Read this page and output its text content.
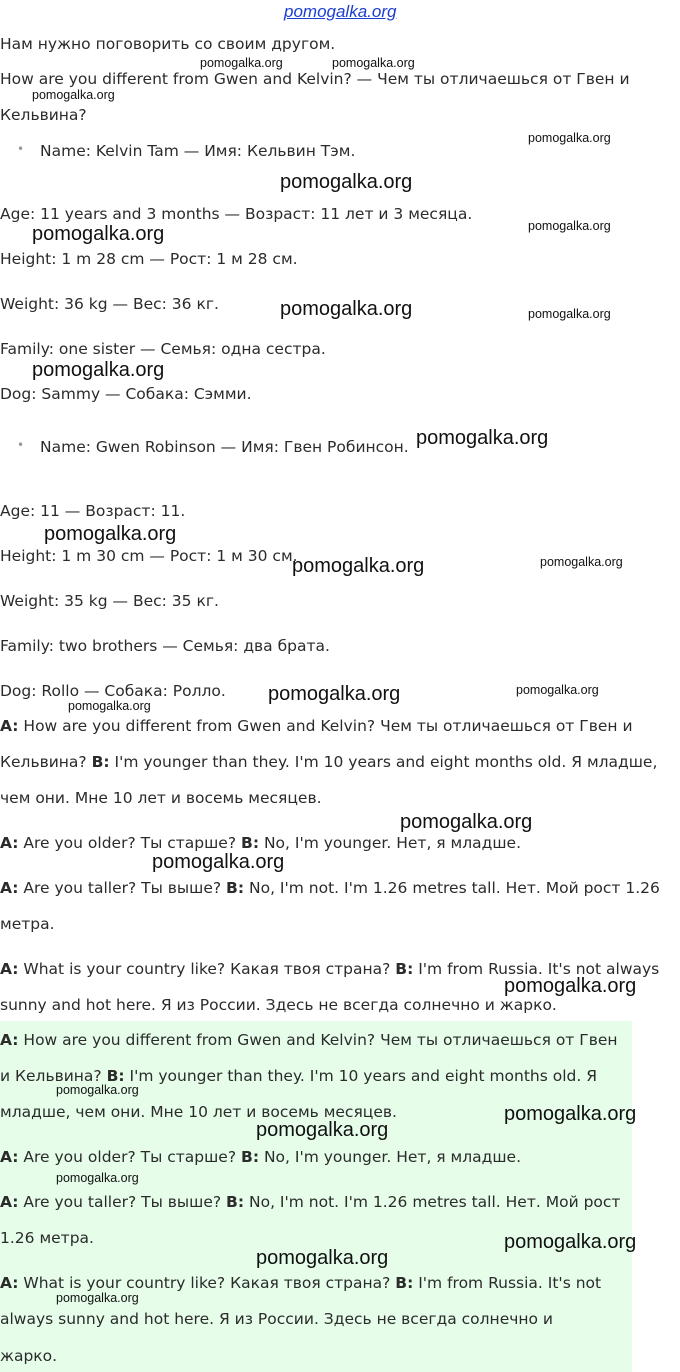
Нам нужно поговорить со своим другом.
How are you different from Gwen and Kelvin? — Чем ты отличаешься от Гвен и
Кельвина?
• Name: Kelvin Tam — Имя: Кельвин Тэм.
Age: 11 years and 3 months — Возраст: 11 лет и 3 месяца.
Height: 1 m 28 cm — Рост: 1 м 28 см.
Weight: 36 kg — Вес: 36 кг.
Family: one sister — Семья: одна сестра.
Dog: Sammy — Собака: Сэмми.
• Name: Gwen Robinson — Имя: Гвен Робинсон.
Age: 11 — Возраст: 11.
Height: 1 m 30 cm — Рост: 1 м 30 см.
Weight: 35 kg — Вес: 35 кг.
Family: two brothers — Семья: два брата.
Dog: Rollo — Собака: Ролло.
A: How are you different from Gwen and Kelvin? Чем ты отличаешься от Гвен и
Кельвина? B: I'm younger than they. I'm 10 years and eight months old. Я младше,
чем они. Мне 10 лет и восемь месяцев.
A: Are you older? Ты старше? B: No, I'm younger. Нет, я младше.
A: Are you taller? Ты выше? B: No, I'm not. I'm 1.26 metres tall. Нет. Мой рост 1.26
метра.
A: What is your country like? Какая твоя страна? B: I'm from Russia. It's not always
sunny and hot here. Я из России. Здесь не всегда солнечно и жарко.
A: How are you different from Gwen and Kelvin? Чем ты отличаешься от Гвен
и Кельвина? B: I'm younger than they. I'm 10 years and eight months old. Я
младше, чем они. Мне 10 лет и восемь месяцев.
A: Are you older? Ты старше? B: No, I'm younger. Нет, я младше.
A: Are you taller? Ты выше? B: No, I'm not. I'm 1.26 metres tall. Нет. Мой рост
1.26 метра.
A: What is your country like? Какая твоя страна? B: I'm from Russia. It's not
always sunny and hot here. Я из России. Здесь не всегда солнечно и
жарко.
pomogalka.org
pomogalka.org	pomogalka.org
pomogalka.org
pomogalka.org
pomogalka.org
pomogalka.org	pomogalka.org
pomogalka.org	pomogalka.org
pomogalka.org
pomogalka.org
pomogalka.org
pomogalka.org	pomogalka.org
pomogalka.org	pomogalka.org
pomogalka.org
pomogalka.org
pomogalka.org
pomogalka.org
pomogalka.org
pomogalka.org
pomogalka.org
pomogalka.org
pomogalka.org
pomogalka.org
pomogalka.org
